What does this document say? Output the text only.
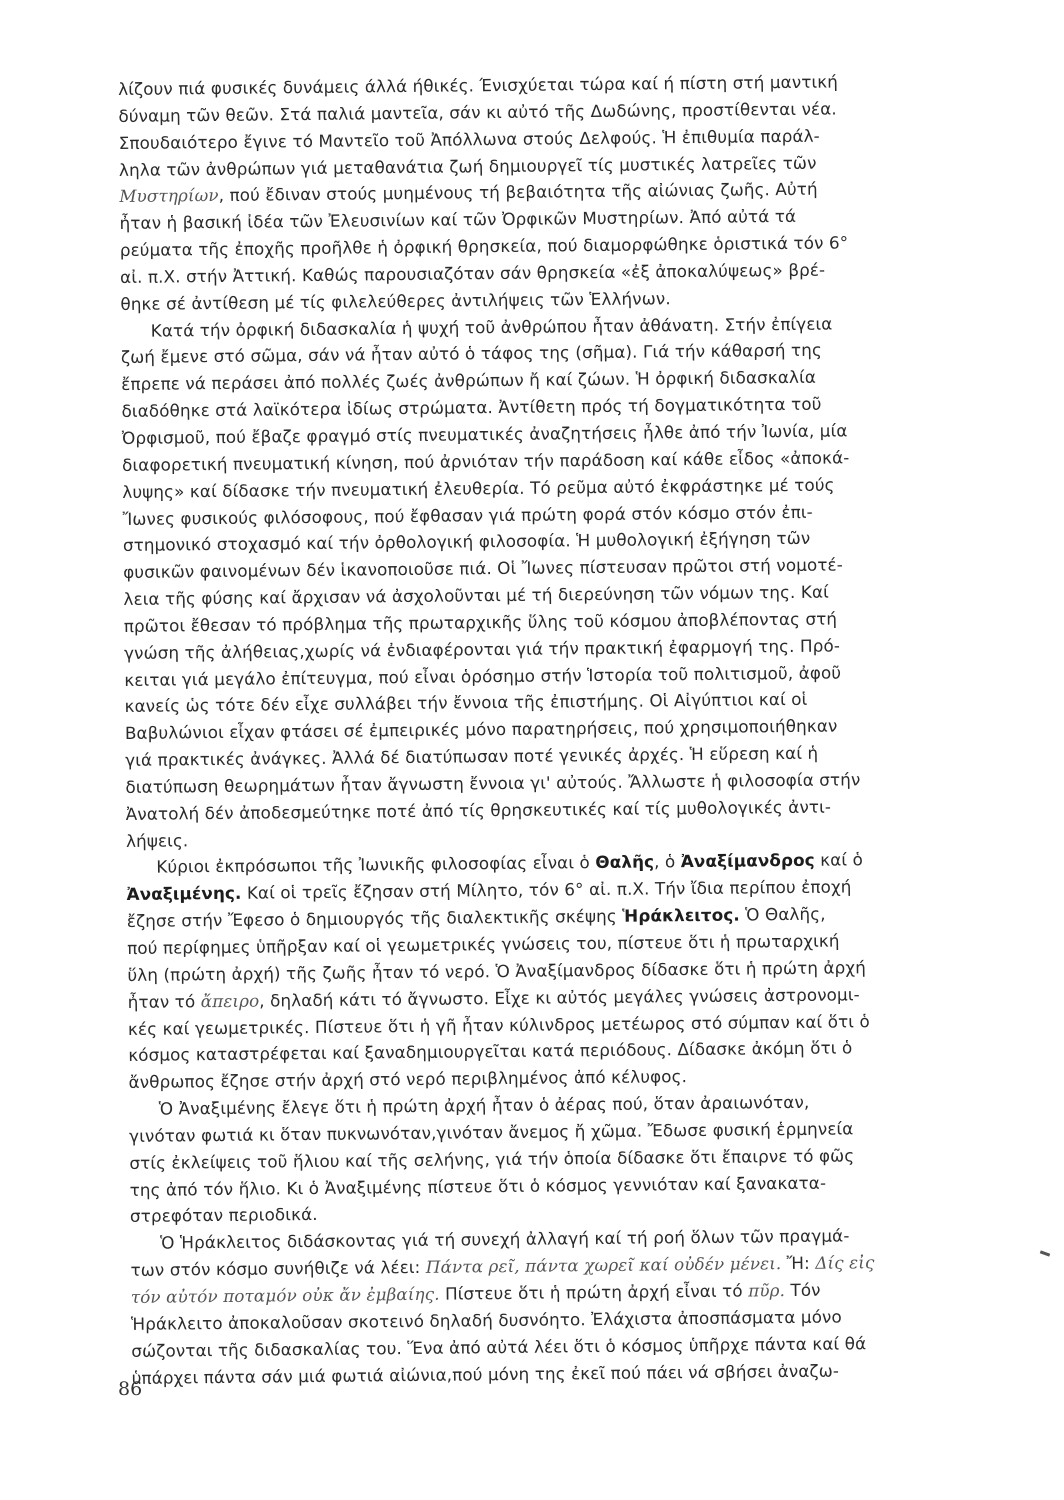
λίζουν πιά φυσικές δυνάμεις άλλά ήθικές. Ένισχύεται τώρα καί ή πίστη στή μαντική
δύναμη τῶν θεῶν. Στά παλιά μαντεῖα, σάν κι αὐτό τῆς Δωδώνης, προστίθενται νέα.
Σπουδαιότερο ἔγινε τό Μαντεῖο τοῦ Ἀπόλλωνα στούς Δελφούς. Ἡ ἐπιθυμία παράλ-
ληλα τῶν ἀνθρώπων γιά μεταθανάτια ζωή δημιουργεῖ τίς μυστικές λατρεῖες τῶν
Μυστηρίων, πού ἔδιναν στούς μυημένους τή βεβαιότητα τῆς αἰώνιας ζωῆς. Αὐτή
ἦταν ἡ βασική ἰδέα τῶν Ἐλευσινίων καί τῶν Ὀρφικῶν Μυστηρίων. Ἀπό αὐτά τά
ρεύματα τῆς ἐποχῆς προῆλθε ἡ ὀρφική θρησκεία, πού διαμορφώθηκε ὁριστικά τόν 6°
αἰ. π.Χ. στήν Ἀττική. Καθώς παρουσιαζόταν σάν θρησκεία «ἐξ ἀποκαλύψεως» βρέ-
θηκε σέ ἀντίθεση μέ τίς φιλελεύθερες ἀντιλήψεις τῶν Ἑλλήνων.
Κατά τήν ὀρφική διδασκαλία ἡ ψυχή τοῦ ἀνθρώπου ἦταν ἀθάνατη. Στήν ἐπίγεια
ζωή ἔμενε στό σῶμα, σάν νά ἦταν αὐτό ὁ τάφος της (σῆμα). Γιά τήν κάθαρσή της
ἔπρεπε νά περάσει ἀπό πολλές ζωές ἀνθρώπων ἤ καί ζώων. Ἡ ὀρφική διδασκαλία
διαδόθηκε στά λαϊκότερα ἰδίως στρώματα. Ἀντίθετη πρός τή δογματικότητα τοῦ
Ὀρφισμοῦ, πού ἔβαζε φραγμό στίς πνευματικές ἀναζητήσεις ἦλθε ἀπό τήν Ἰωνία, μία
διαφορετική πνευματική κίνηση, πού ἀρνιόταν τήν παράδοση καί κάθε εἶδος «ἀποκά-
λυψης» καί δίδασκε τήν πνευματική ἐλευθερία. Τό ρεῦμα αὐτό ἐκφράστηκε μέ τούς
Ἴωνες φυσικούς φιλόσοφους, πού ἔφθασαν γιά πρώτη φορά στόν κόσμο στόν ἐπι-
στημονικό στοχασμό καί τήν ὀρθολογική φιλοσοφία. Ἡ μυθολογική ἐξήγηση τῶν
φυσικῶν φαινομένων δέν ἱκανοποιοῦσε πιά. Οἱ Ἴωνες πίστευσαν πρῶτοι στή νομοτέ-
λεια τῆς φύσης καί ἄρχισαν νά ἀσχολοῦνται μέ τή διερεύνηση τῶν νόμων της. Καί
πρῶτοι ἔθεσαν τό πρόβλημα τῆς πρωταρχικῆς ὕλης τοῦ κόσμου ἀποβλέποντας στή
γνώση τῆς ἀλήθειας,χωρίς νά ἐνδιαφέρονται γιά τήν πρακτική ἐφαρμογή της. Πρό-
κειται γιά μεγάλο ἐπίτευγμα, πού εἶναι ὁρόσημο στήν Ἱστορία τοῦ πολιτισμοῦ, ἀφοῦ
κανείς ὡς τότε δέν εἶχε συλλάβει τήν ἔννοια τῆς ἐπιστήμης. Οἱ Αἰγύπτιοι καί οἱ
Βαβυλώνιοι εἶχαν φτάσει σέ ἐμπειρικές μόνο παρατηρήσεις, πού χρησιμοποιήθηκαν
γιά πρακτικές ἀνάγκες. Ἀλλά δέ διατύπωσαν ποτέ γενικές ἀρχές. Ἡ εὕρεση καί ἡ
διατύπωση θεωρημάτων ἦταν ἄγνωστη ἔννοια γι' αὐτούς. Ἄλλωστε ἡ φιλοσοφία στήν
Ἀνατολή δέν ἀποδεσμεύτηκε ποτέ ἀπό τίς θρησκευτικές καί τίς μυθολογικές ἀντι-
λήψεις.
Κύριοι ἐκπρόσωποι τῆς Ἰωνικῆς φιλοσοφίας εἶναι ὁ Θαλῆς, ὁ Ἀναξίμανδρος καί ὁ
Ἀναξιμένης. Καί οἱ τρεῖς ἔζησαν στή Μίλητο, τόν 6° αἰ. π.Χ. Τήν ἴδια περίπου ἐποχή
ἔζησε στήν Ἔφεσο ὁ δημιουργός τῆς διαλεκτικῆς σκέψης Ἡράκλειτος. Ὁ Θαλῆς,
πού περίφημες ὑπῆρξαν καί οἱ γεωμετρικές γνώσεις του, πίστευε ὅτι ἡ πρωταρχική
ὕλη (πρώτη ἀρχή) τῆς ζωῆς ἦταν τό νερό. Ὁ Ἀναξίμανδρος δίδασκε ὅτι ἡ πρώτη ἀρχή
ἦταν τό ἄπειρο, δηλαδή κάτι τό ἄγνωστο. Εἶχε κι αὐτός μεγάλες γνώσεις ἀστρονομι-
κές καί γεωμετρικές. Πίστευε ὅτι ἡ γῆ ἦταν κύλινδρος μετέωρος στό σύμπαν καί ὅτι ὁ
κόσμος καταστρέφεται καί ξαναδημιουργεῖται κατά περιόδους. Δίδασκε ἀκόμη ὅτι ὁ
ἄνθρωπος ἔζησε στήν ἀρχή στό νερό περιβλημένος ἀπό κέλυφος.
Ὁ Ἀναξιμένης ἔλεγε ὅτι ἡ πρώτη ἀρχή ἦταν ὁ ἀέρας πού, ὅταν ἀραιωνόταν,
γινόταν φωτιά κι ὅταν πυκνωνόταν,γινόταν ἄνεμος ἤ χῶμα. Ἔδωσε φυσική ἑρμηνεία
στίς ἐκλείψεις τοῦ ἥλιου καί τῆς σελήνης, γιά τήν ὁποία δίδασκε ὅτι ἔπαιρνε τό φῶς
της ἀπό τόν ἥλιο. Κι ὁ Ἀναξιμένης πίστευε ὅτι ὁ κόσμος γεννιόταν καί ξανακατα-
στρεφόταν περιοδικά.
Ὁ Ἡράκλειτος διδάσκοντας γιά τή συνεχή ἀλλαγή καί τή ροή ὅλων τῶν πραγμά-
των στόν κόσμο συνήθιζε νά λέει: Πάντα ρεῖ, πάντα χωρεῖ καί οὐδέν μένει. Ἤ: Δίς εἰς
τόν αὐτόν ποταμόν οὐκ ἄν ἐμβαίης. Πίστευε ὅτι ἡ πρώτη ἀρχή εἶναι τό πῦρ. Τόν
Ἡράκλειτο ἀποκαλοῦσαν σκοτεινό δηλαδή δυσνόητο. Ἐλάχιστα ἀποσπάσματα μόνο
σώζονται τῆς διδασκαλίας του. Ἕνα ἀπό αὐτά λέει ὅτι ὁ κόσμος ὑπῆρχε πάντα καί θά
ὑπάρχει πάντα σάν μιά φωτιά αἰώνια,πού μόνη της ἐκεῖ πού πάει νά σβήσει ἀναζω-
86
